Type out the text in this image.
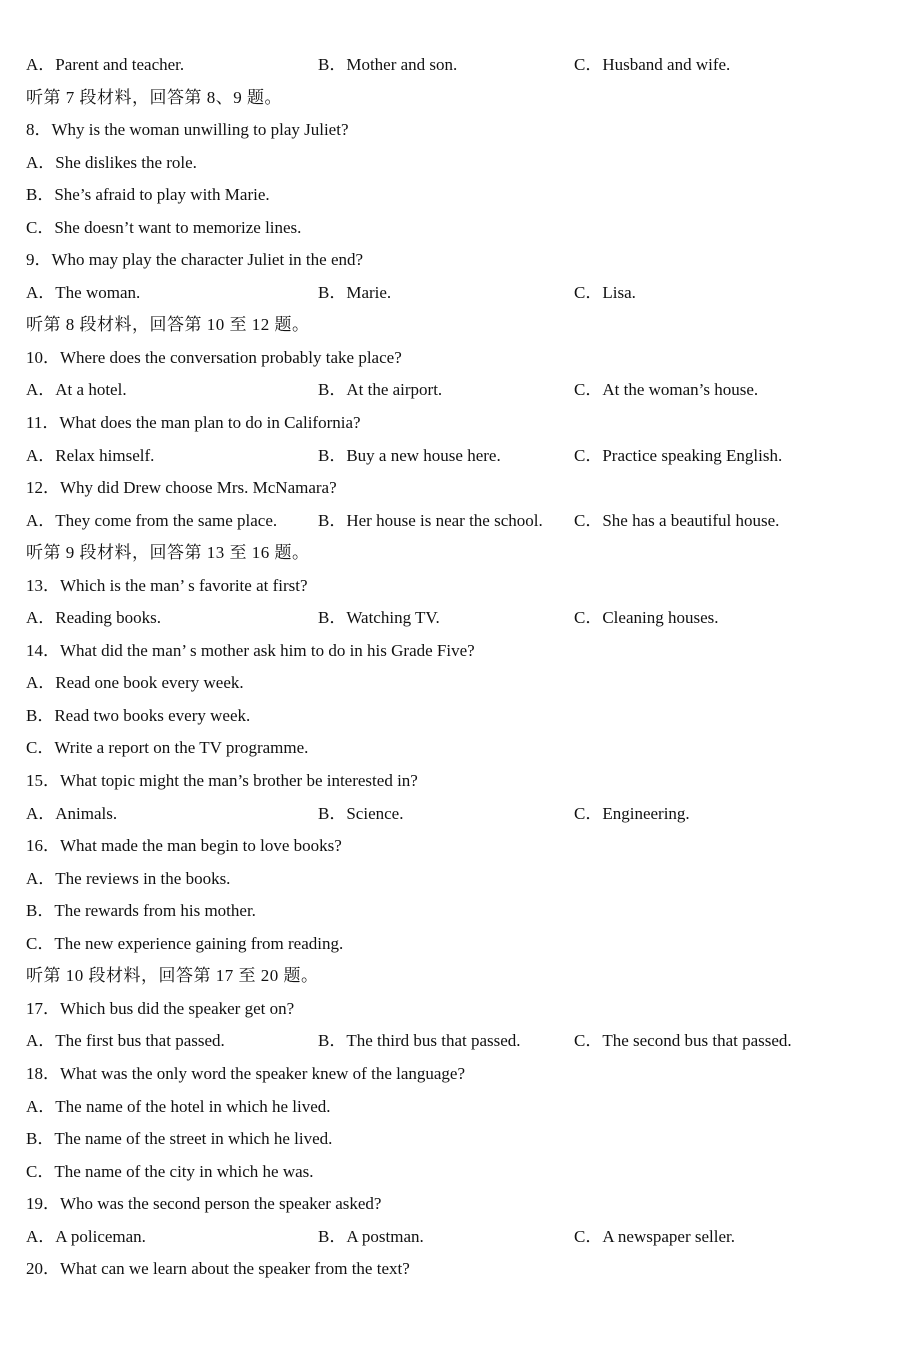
A．Parent and teacher.	B．Mother and son.	C．Husband and wife.
听第 7 段材料，回答第 8、9 题。
8．Why is the woman unwilling to play Juliet?
A．She dislikes the role.
B．She’s afraid to play with Marie.
C．She doesn’t want to memorize lines.
9．Who may play the character Juliet in the end?
A．The woman.	B．Marie.	C．Lisa.
听第 8 段材料，回答第 10 至 12 题。
10．Where does the conversation probably take place?
A．At a hotel.	B．At the airport.	C．At the woman’s house.
11．What does the man plan to do in California?
A．Relax himself.	B．Buy a new house here.	C．Practice speaking English.
12．Why did Drew choose Mrs. McNamara?
A．They come from the same place. B．Her house is near the school. C．She has a beautiful house.
听第 9 段材料，回答第 13 至 16 题。
13．Which is the man’ s favorite at first?
A．Reading books.	B．Watching TV.	C．Cleaning houses.
14．What did the man’ s mother ask him to do in his Grade Five?
A．Read one book every week.
B．Read two books every week.
C．Write a report on the TV programme.
15．What topic might the man’s brother be interested in?
A．Animals.	B．Science.	C．Engineering.
16．What made the man begin to love books?
A．The reviews in the books.
B．The rewards from his mother.
C．The new experience gaining from reading.
听第 10 段材料，回答第 17 至 20 题。
17．Which bus did the speaker get on?
A．The first bus that passed.	B．The third bus that passed.	C．The second bus that passed.
18．What was the only word the speaker knew of the language?
A．The name of the hotel in which he lived.
B．The name of the street in which he lived.
C．The name of the city in which he was.
19．Who was the second person the speaker asked?
A．A policeman.	B．A postman.	C．A newspaper seller.
20．What can we learn about the speaker from the text?
